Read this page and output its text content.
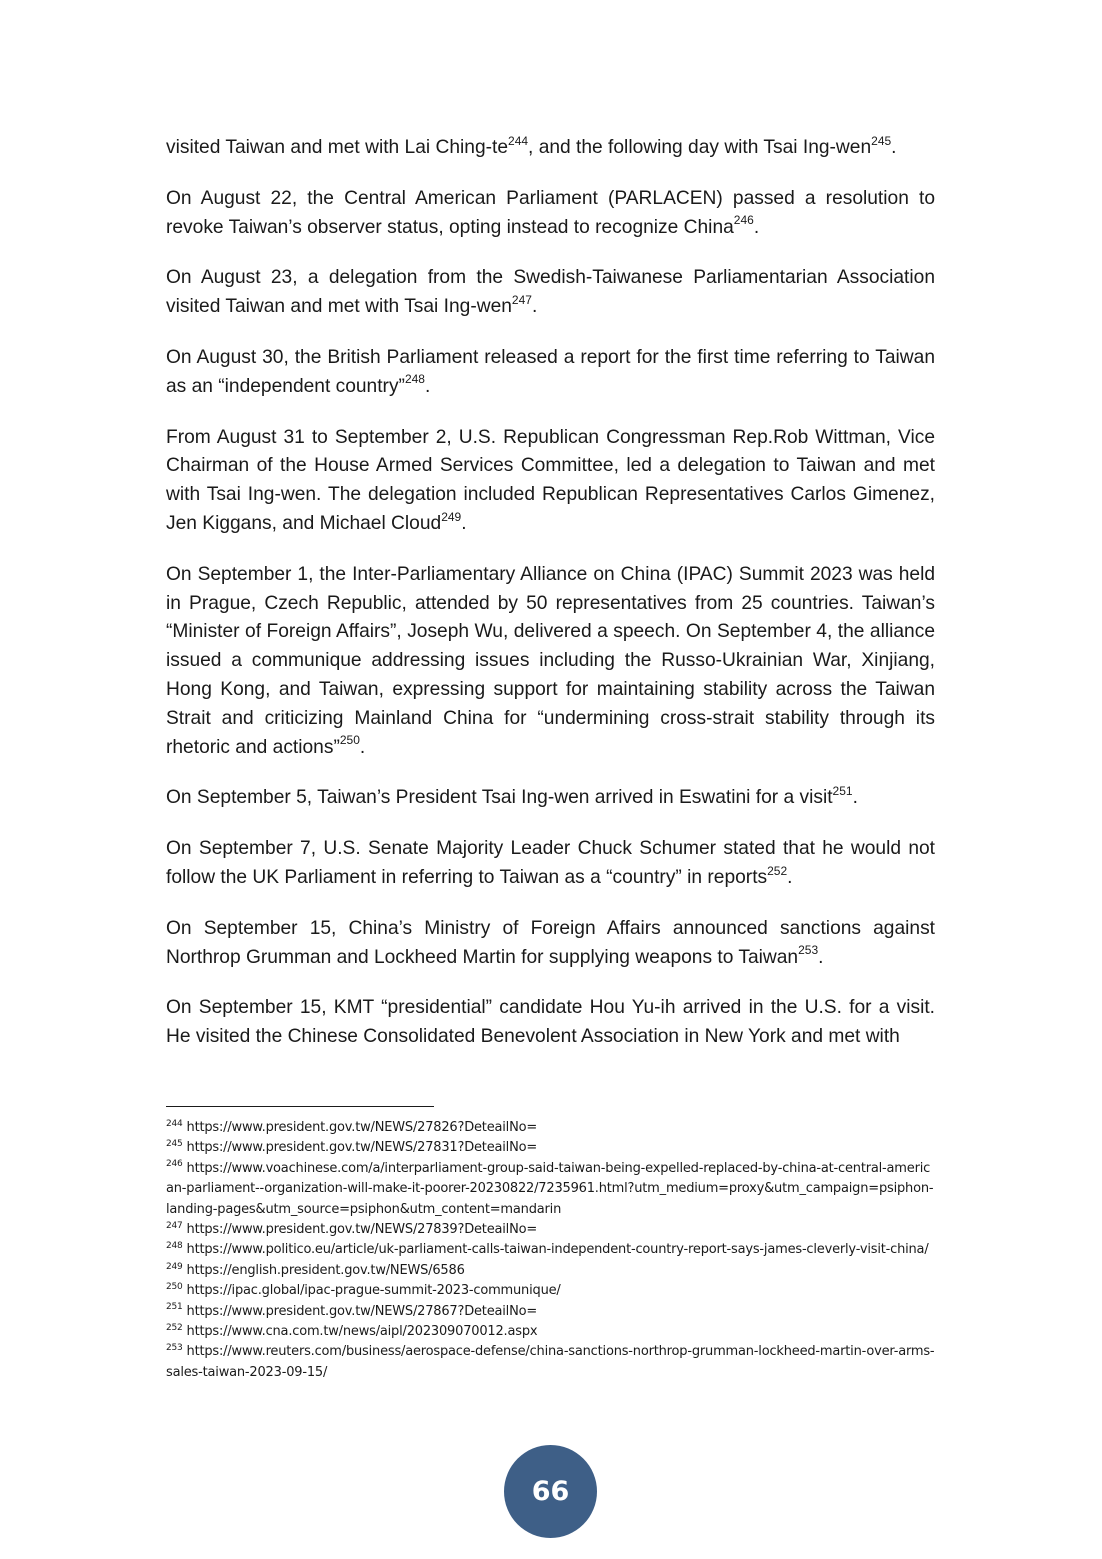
visited Taiwan and met with Lai Ching-$te^{244}$, and the following day with Tsai Ing-wen$^{245}$.

On August 22, the Central American Parliament (PARLACEN) passed a resolution to revoke Taiwan’s observer status, opting instead to recognize China$^{246}$.

On August 23, a delegation from the Swedish-Taiwanese Parliamentarian Association visited Taiwan and met with Tsai Ing-wen$^{247}$.

On August 30, the British Parliament released a report for the first time referring to Taiwan as an “independent country”$^{248}$.

From August 31 to September 2, U.S. Republican Congressman Rep.Rob Wittman, Vice Chairman of the House Armed Services Committee, led a delegation to Taiwan and met with Tsai Ing-wen. The delegation included Republican Representatives Carlos Gimenez, Jen Kiggans, and Michael Cloud$^{249}$.

On September 1, the Inter-Parliamentary Alliance on China (IPAC) Summit 2023 was held in Prague, Czech Republic, attended by 50 representatives from 25 countries. Taiwan’s “Minister of Foreign Affairs”, Joseph Wu, delivered a speech. On September 4, the alliance issued a communique addressing issues including the Russo-Ukrainian War, Xinjiang, Hong Kong, and Taiwan, expressing support for maintaining stability across the Taiwan Strait and criticizing Mainland China for “undermining cross-strait stability through its rhetoric and actions”$^{250}$.

On September 5, Taiwan’s President Tsai Ing-wen arrived in Eswatini for a visit$^{251}$.

On September 7, U.S. Senate Majority Leader Chuck Schumer stated that he would not follow the UK Parliament in referring to Taiwan as a “country” in reports$^{252}$.

On September 15, China’s Ministry of Foreign Affairs announced sanctions against Northrop Grumman and Lockheed Martin for supplying weapons to Taiwan$^{253}$.

On September 15, KMT “presidential” candidate Hou Yu-ih arrived in the U.S. for a visit. He visited the Chinese Consolidated Benevolent Association in New York and met with

$^{244}$ https://www.president.gov.tw/NEWS/27826?DeteailNo=

$^{245}$ https://www.president.gov.tw/NEWS/27831?DeteailNo=

$^{246}$ https://www.voachinese.com/a/interparliament-group-said-taiwan-being-expelled-replaced-by-china-at-central-american-parliament--organization-will-make-it-poorer-20230822/7235961.html?utm_medium=proxy&utm_campaign=psiphon-landing-pages&utm_source=psiphon&utm_content=mandarin

$^{247}$ https://www.president.gov.tw/NEWS/27839?DeteailNo=

$^{248}$ https://www.politico.eu/article/uk-parliament-calls-taiwan-independent-country-report-says-james-cleverly-visit-china/

$^{249}$ https://english.president.gov.tw/NEWS/6586

$^{250}$ https://ipac.global/ipac-prague-summit-2023-communique/

$^{251}$ https://www.president.gov.tw/NEWS/27867?DeteailNo=

$^{252}$ https://www.cna.com.tw/news/aipl/202309070012.aspx

$^{253}$ https://www.reuters.com/business/aerospace-defense/china-sanctions-northrop-grumman-lockheed-martin-over-arms-sales-taiwan-2023-09-15/

66
